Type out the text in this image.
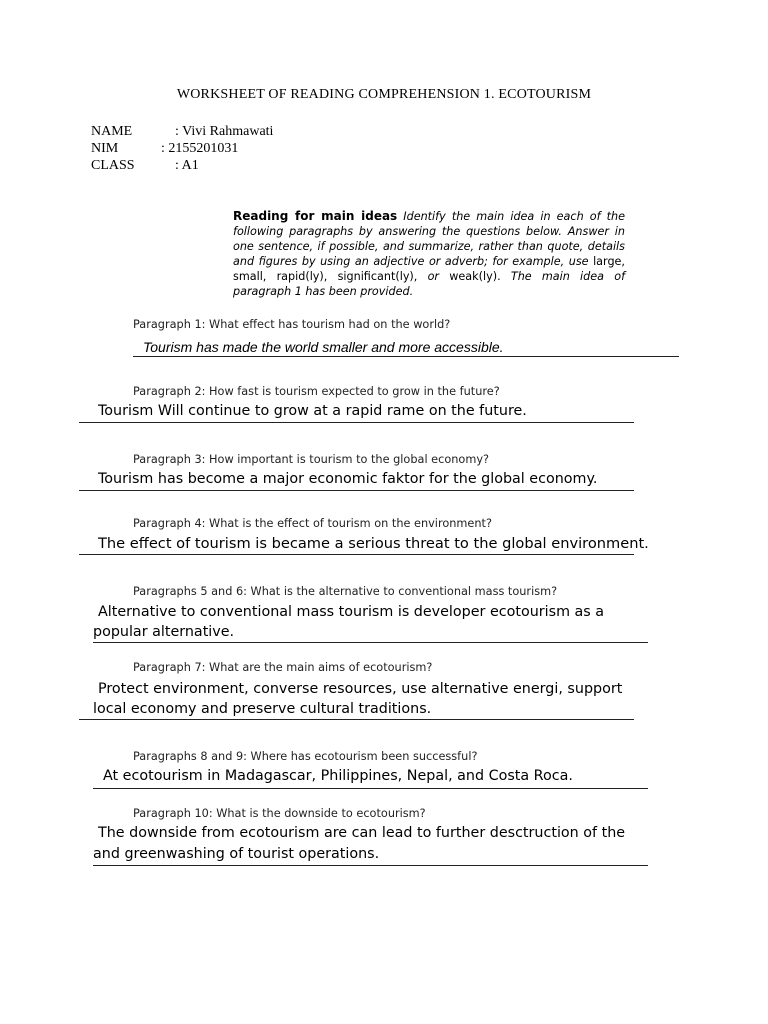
WORKSHEET OF READING COMPREHENSION 1. ECOTOURISM
NAME	: Vivi Rahmawati
NIM	: 2155201031
CLASS	: A1
Reading for main ideas Identify the main idea in each of the following paragraphs by answering the questions below. Answer in one sentence, if possible, and summarize, rather than quote, details and figures by using an adjective or adverb; for example, use large, small, rapid(ly), significant(ly), or weak(ly). The main idea of paragraph 1 has been provided.
Paragraph 1: What effect has tourism had on the world?
Tourism has made the world smaller and more accessible.
Paragraph 2: How fast is tourism expected to grow in the future?
Tourism Will continue to grow at a rapid rame on the future.
Paragraph 3: How important is tourism to the global economy?
Tourism has become a major economic faktor for the global economy.
Paragraph 4: What is the effect of tourism on the environment?
The effect of tourism is became a serious threat to the global environment.
Paragraphs 5 and 6: What is the alternative to conventional mass tourism?
Alternative to conventional mass tourism is developer ecotourism as a
popular alternative.
Paragraph 7: What are the main aims of ecotourism?
Protect environment, converse resources, use alternative energi, support
local economy and preserve cultural traditions.
Paragraphs 8 and 9: Where has ecotourism been successful?
At ecotourism in Madagascar, Philippines, Nepal, and Costa Roca.
Paragraph 10: What is the downside to ecotourism?
The downside from ecotourism are can lead to further desctruction of the
and greenwashing of tourist operations.
